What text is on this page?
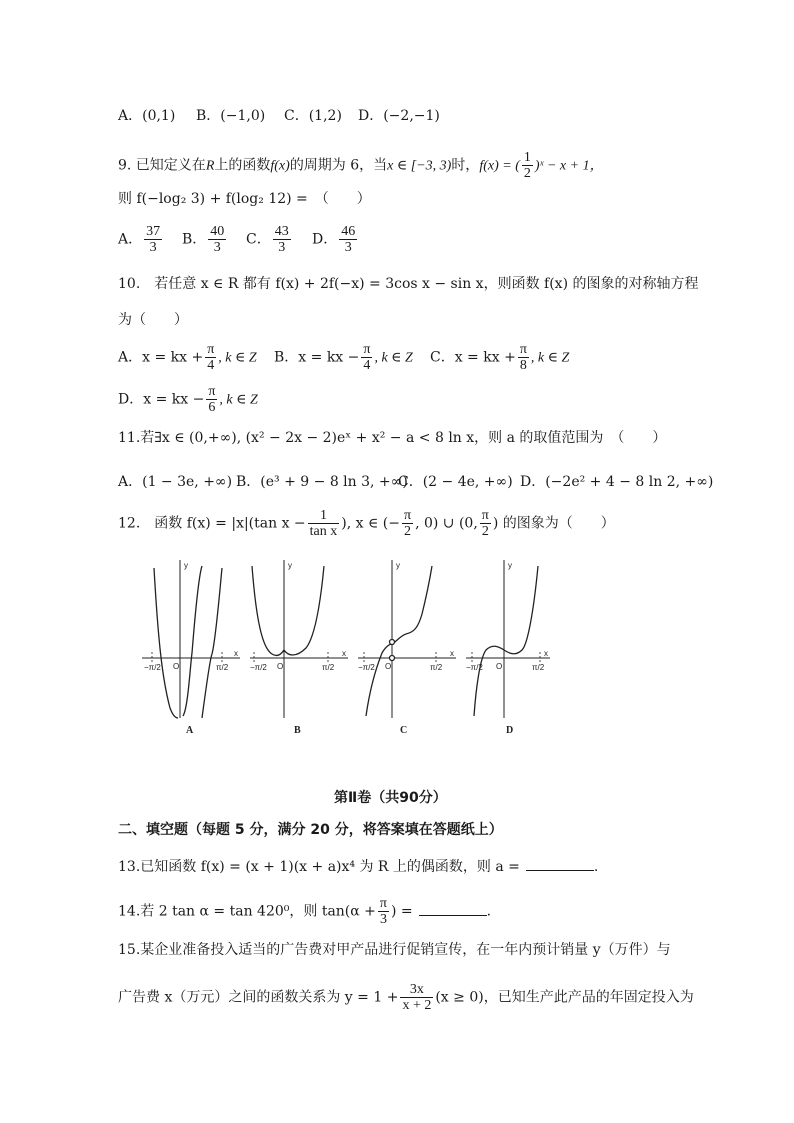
A．(0,1) B．(−1,0) C．(1,2) D．(−2,−1)
9. 已知定义在R上的函数f(x)的周期为 6，当x ∈ [−3, 3)时，f(x) = ( $\frac{1}{2}$ )ˣ − x + 1，
则 f(−log₂ 3) + f(log₂ 12) =　（　　）
A． $\frac{37}{3}$ B． $\frac{40}{3}$ C． $\frac{43}{3}$ D． $\frac{46}{3}$
10.　若任意 x ∈ R 都有 f(x) + 2f(−x) = 3cos x − sin x，则函数 f(x) 的图象的对称轴方程
为（　　）
A．x = kx + $\frac{\pi}{4}$ , k ∈ Z B．x = kx − $\frac{\pi}{4}$ , k ∈ Z C．x = kx + $\frac{\pi}{8}$ , k ∈ Z
D．x = kx − $\frac{\pi}{6}$ , k ∈ Z
11.若∃x ∈ (0,+∞), (x² − 2x − 2)eˣ + x² − a < 8 ln x，则 a 的取值范围为　（　　）
A．(1 − 3e, +∞) B．(e³ + 9 − 8 ln 3, +∞)
C．(2 − 4e, +∞) D．(−2e² + 4 − 8 ln 2, +∞)
12.　函数 f(x) = |x|(tan $x - \frac{1}{\text{tan x}}$ ), x ∈ (− $\frac{\pi}{2}$ , 0) ∪ (0, $\frac{\pi}{2}$ ) 的图象为（　　）
y
x
O
−π/2	π/2
y
x
O
−π/2	π/2
y
x
O
−π/2	π/2
y
x
O
−π/2	π/2
A	B	C	D
第Ⅱ卷（共90分）
二、填空题（每题 5 分，满分 20 分，将答案填在答题纸上）
13.已知函数 f(x) = (x + 1)(x + a)x⁴ 为 R 上的偶函数，则 a =	.
14.若 2 tan α = tan 420⁰，则 $\tan(\alpha + \frac{\pi}{3}$ ) =	.
15.某企业准备投入适当的广告费对甲产品进行促销宣传，在一年内预计销量 y（万件）与
广告费 x（万元）之间的函数关系为 $y = 1 + \frac{3x}{x + 2} (x \ge 0)$，已知生产此产品的年固定投入为
